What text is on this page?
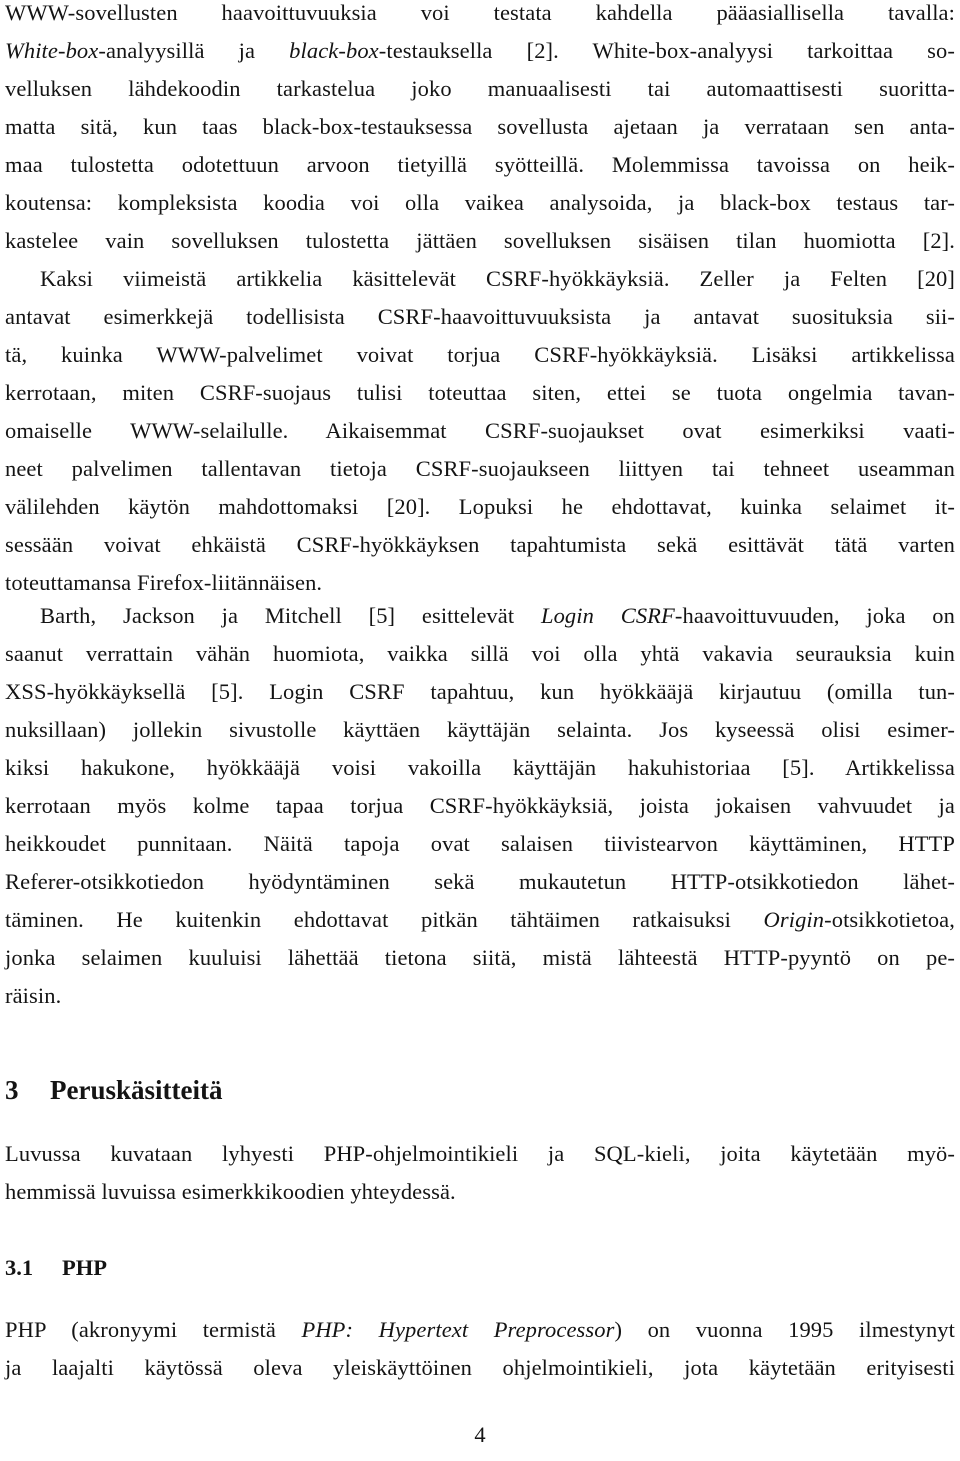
WWW-sovellusten haavoittuvuuksia voi testata kahdella pääasiallisella tavalla:
White-box-analyysillä ja black-box-testauksella [2]. White-box-analyysi tarkoittaa so-
velluksen lähdekoodin tarkastelua joko manuaalisesti tai automaattisesti suoritta-
matta sitä, kun taas black-box-testauksessa sovellusta ajetaan ja verrataan sen anta-
maa tulostetta odotettuun arvoon tietyillä syötteillä. Molemmissa tavoissa on heik-
koutensa: kompleksista koodia voi olla vaikea analysoida, ja black-box testaus tar-
kastelee vain sovelluksen tulostetta jättäen sovelluksen sisäisen tilan huomiotta [2].
Kaksi viimeistä artikkelia käsittelevät CSRF-hyökkäyksiä. Zeller ja Felten [20]
antavat esimerkkejä todellisista CSRF-haavoittuvuuksista ja antavat suosituksia sii-
tä, kuinka WWW-palvelimet voivat torjua CSRF-hyökkäyksiä. Lisäksi artikkelissa
kerrotaan, miten CSRF-suojaus tulisi toteuttaa siten, ettei se tuota ongelmia tavan-
omaiselle WWW-selailulle. Aikaisemmat CSRF-suojaukset ovat esimerkiksi vaati-
neet palvelimen tallentavan tietoja CSRF-suojaukseen liittyen tai tehneet useamman
välilehden käytön mahdottomaksi [20]. Lopuksi he ehdottavat, kuinka selaimet it-
sessään voivat ehkäistä CSRF-hyökkäyksen tapahtumista sekä esittävät tätä varten
toteuttamansa Firefox-liitännäisen.
Barth, Jackson ja Mitchell [5] esittelevät Login CSRF-haavoittuvuuden, joka on
saanut verrattain vähän huomiota, vaikka sillä voi olla yhtä vakavia seurauksia kuin
XSS-hyökkäyksellä [5]. Login CSRF tapahtuu, kun hyökkääjä kirjautuu (omilla tun-
nuksillaan) jollekin sivustolle käyttäen käyttäjän selainta. Jos kyseessä olisi esimer-
kiksi hakukone, hyökkääjä voisi vakoilla käyttäjän hakuhistoriaa [5]. Artikkelissa
kerrotaan myös kolme tapaa torjua CSRF-hyökkäyksiä, joista jokaisen vahvuudet ja
heikkoudet punnitaan. Näitä tapoja ovat salaisen tiivistearvon käyttäminen, HTTP
Referer-otsikkotiedon hyödyntäminen sekä mukautetun HTTP-otsikkotiedon lähet-
täminen. He kuitenkin ehdottavat pitkän tähtäimen ratkaisuksi Origin-otsikkotietoa,
jonka selaimen kuuluisi lähettää tietona siitä, mistä lähteestä HTTP-pyyntö on pe-
räisin.
3 Peruskäsitteitä
Luvussa kuvataan lyhyesti PHP-ohjelmointikieli ja SQL-kieli, joita käytetään myö-
hemmissä luvuissa esimerkkikoodien yhteydessä.
3.1 PHP
PHP (akronyymi termistä PHP: Hypertext Preprocessor) on vuonna 1995 ilmestynyt
ja laajalti käytössä oleva yleiskäyttöinen ohjelmointikieli, jota käytetään erityisesti
4
